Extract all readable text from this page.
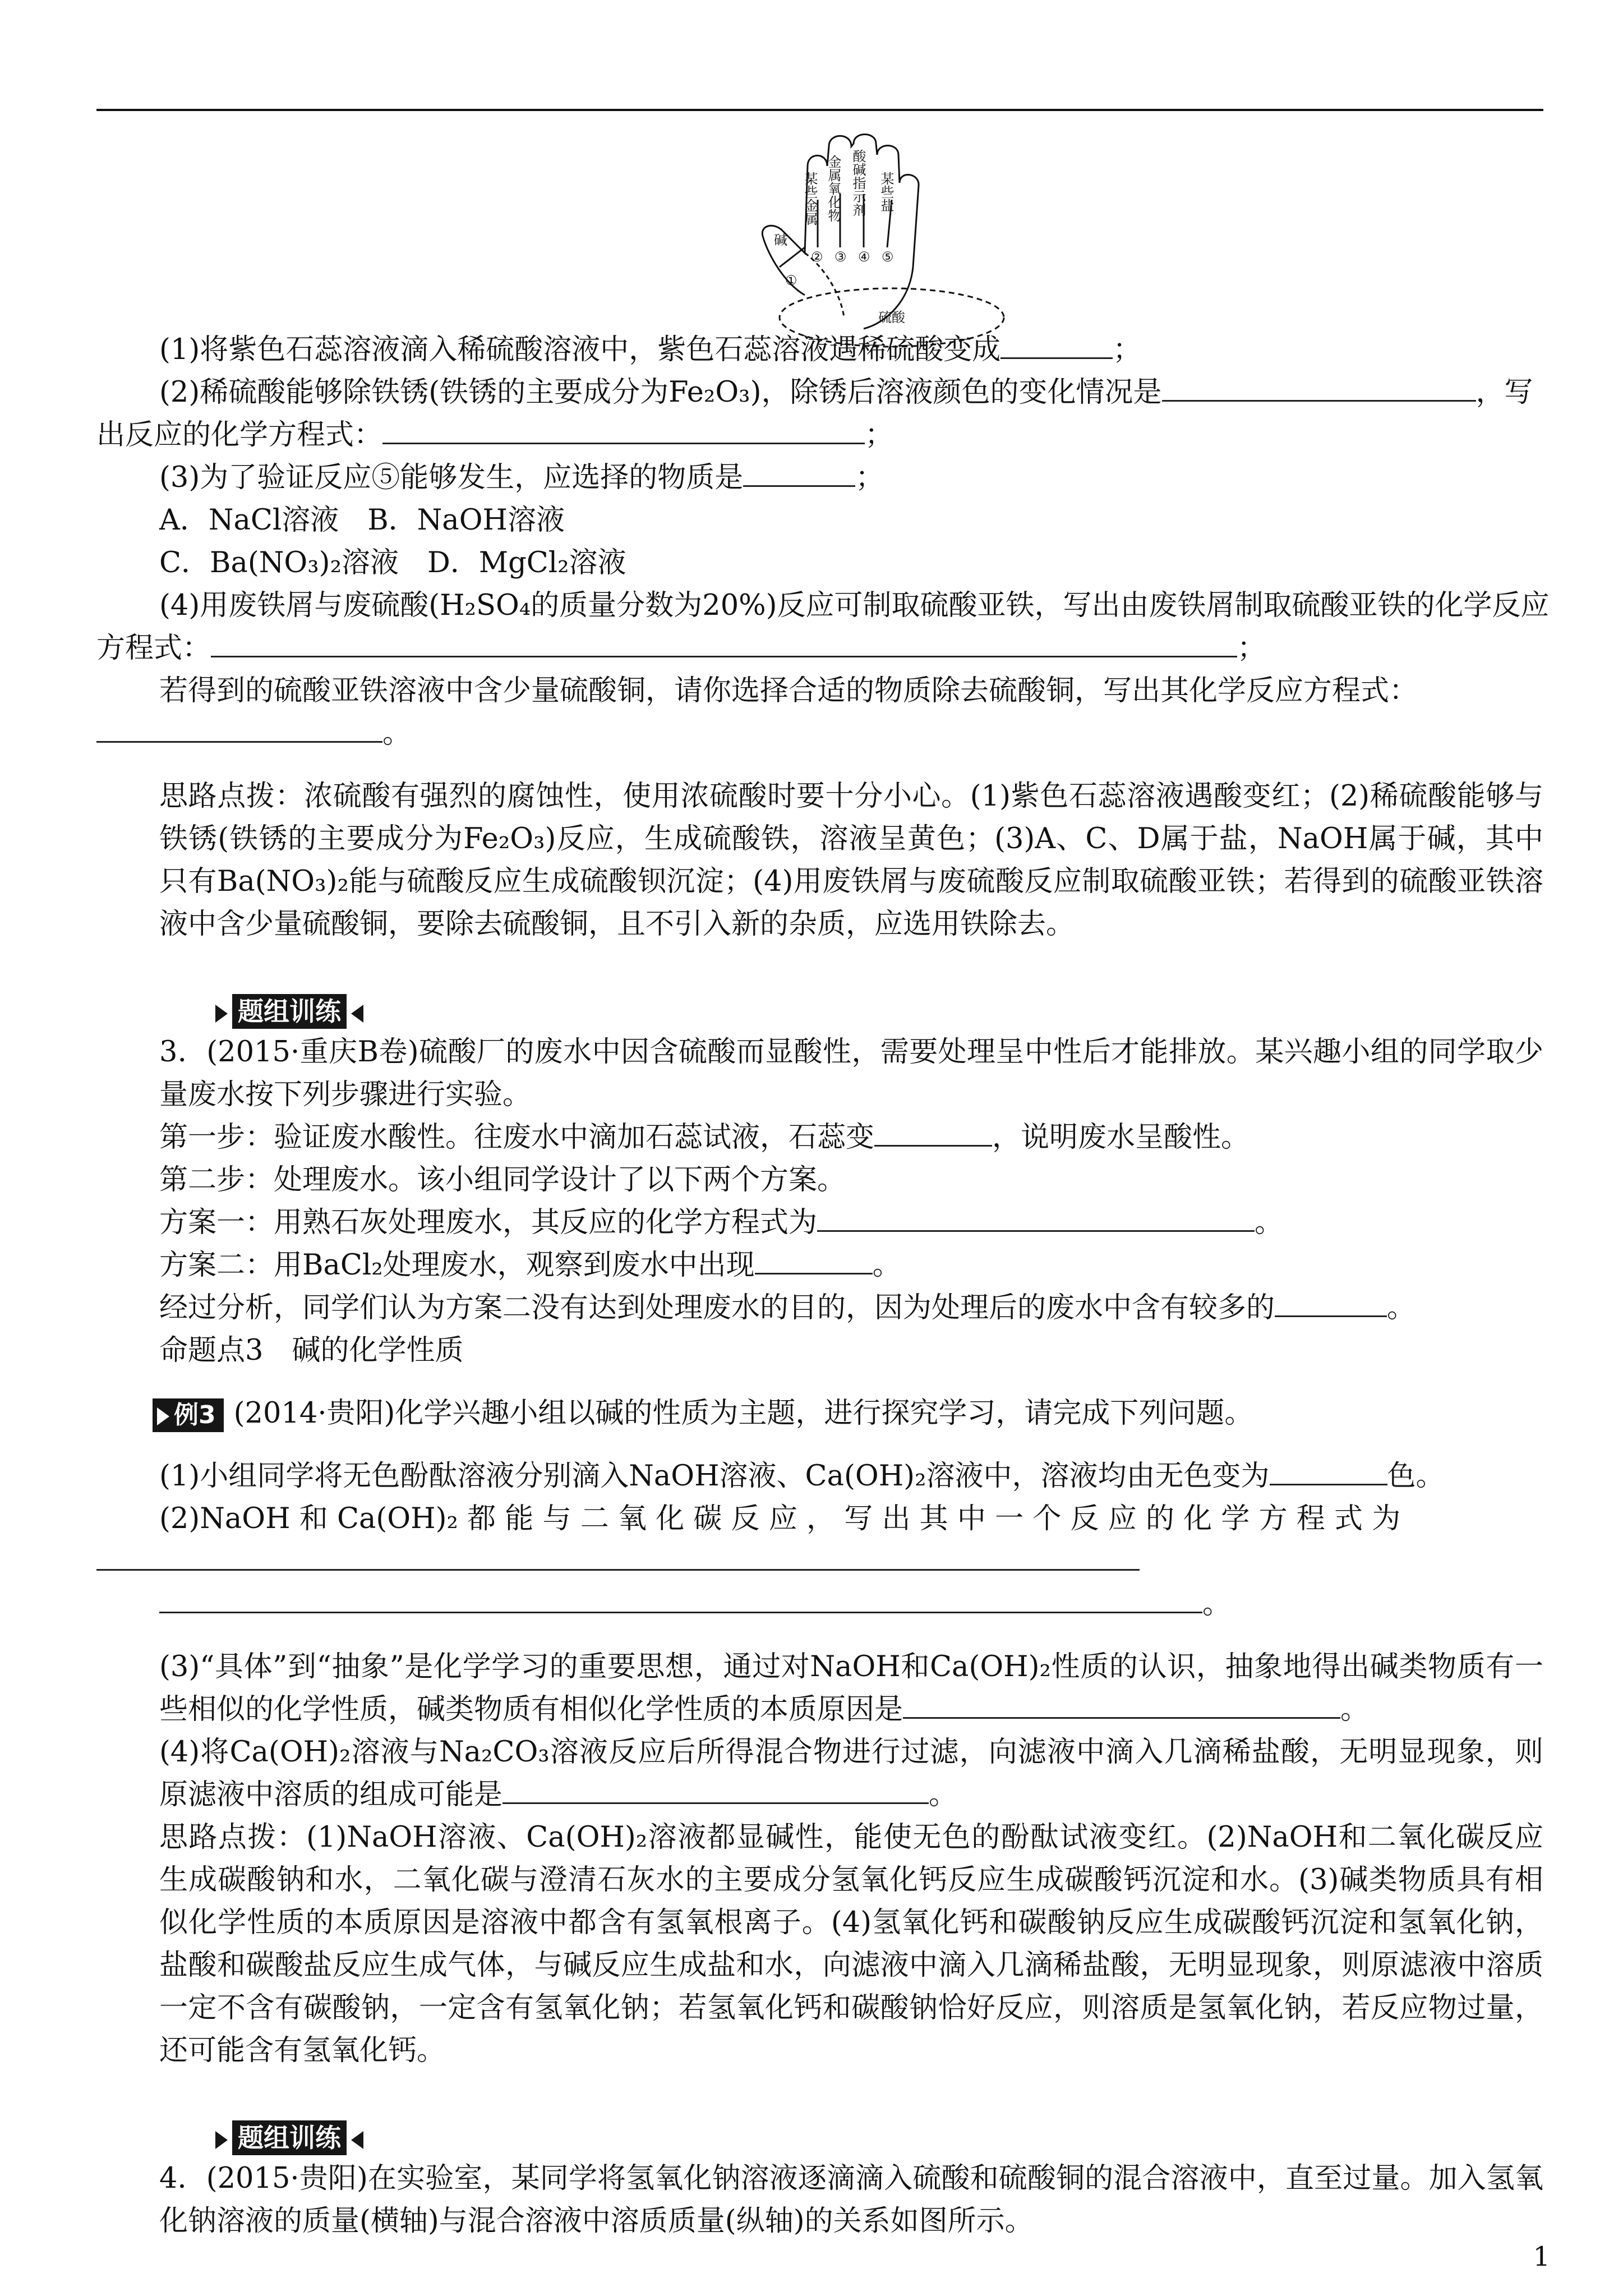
某些金属 金属氧化物 酸碱指示剂 某些盐
碱
硫酸
①
② ③ ④ ⑤

(1)将紫色石蕊溶液滴入稀硫酸溶液中，紫色石蕊溶液遇稀硫酸变成	；

(2)稀硫酸能够除铁锈(铁锈的主要成分为Fe₂O₃)，除锈后溶液颜色的变化情况是	，写

出反应的化学方程式：	；

(3)为了验证反应⑤能够发生，应选择的物质是	；

A．NaCl溶液　B．NaOH溶液

C．Ba(NO₃)₂溶液　D．MgCl₂溶液

(4)用废铁屑与废硫酸(H₂SO₄的质量分数为20%)反应可制取硫酸亚铁，写出由废铁屑制取硫酸亚铁的化学反应

方程式：	；

若得到的硫酸亚铁溶液中含少量硫酸铜，请你选择合适的物质除去硫酸铜，写出其化学反应方程式：

。

思路点拨：浓硫酸有强烈的腐蚀性，使用浓硫酸时要十分小心。(1)紫色石蕊溶液遇酸变红；(2)稀硫酸能够与铁锈(铁锈的主要成分为Fe₂O₃)反应，生成硫酸铁，溶液呈黄色；(3)A、C、D属于盐，NaOH属于碱，其中只有Ba(NO₃)₂能与硫酸反应生成硫酸钡沉淀；(4)用废铁屑与废硫酸反应制取硫酸亚铁；若得到的硫酸亚铁溶液中含少量硫酸铜，要除去硫酸铜，且不引入新的杂质，应选用铁除去。

题组训练

3．(2015·重庆B卷)硫酸厂的废水中因含硫酸而显酸性，需要处理呈中性后才能排放。某兴趣小组的同学取少量废水按下列步骤进行实验。

第一步：验证废水酸性。往废水中滴加石蕊试液，石蕊变	，说明废水呈酸性。

第二步：处理废水。该小组同学设计了以下两个方案。

方案一：用熟石灰处理废水，其反应的化学方程式为	。

方案二：用BaCl₂处理废水，观察到废水中出现	。

经过分析，同学们认为方案二没有达到处理废水的目的，因为处理后的废水中含有较多的	。

命题点3　碱的化学性质

例3 (2014·贵阳)化学兴趣小组以碱的性质为主题，进行探究学习，请完成下列问题。

(1)小组同学将无色酚酞溶液分别滴入NaOH溶液、Ca(OH)₂溶液中，溶液均由无色变为	色。

(2)NaOH 和 Ca(OH)₂ 都 能 与 二 氧 化 碳 反 应 ， 写 出 其 中 一 个 反 应 的 化 学 方 程 式 为

。

(3)“具体”到“抽象”是化学学习的重要思想，通过对NaOH和Ca(OH)₂性质的认识，抽象地得出碱类物质有一些相似的化学性质，碱类物质有相似化学性质的本质原因是	。

(4)将Ca(OH)₂溶液与Na₂CO₃溶液反应后所得混合物进行过滤，向滤液中滴入几滴稀盐酸，无明显现象，则原滤液中溶质的组成可能是	。

思路点拨：(1)NaOH溶液、Ca(OH)₂溶液都显碱性，能使无色的酚酞试液变红。(2)NaOH和二氧化碳反应生成碳酸钠和水，二氧化碳与澄清石灰水的主要成分氢氧化钙反应生成碳酸钙沉淀和水。(3)碱类物质具有相似化学性质的本质原因是溶液中都含有氢氧根离子。(4)氢氧化钙和碳酸钠反应生成碳酸钙沉淀和氢氧化钠，盐酸和碳酸盐反应生成气体，与碱反应生成盐和水，向滤液中滴入几滴稀盐酸，无明显现象，则原滤液中溶质一定不含有碳酸钠，一定含有氢氧化钠；若氢氧化钙和碳酸钠恰好反应，则溶质是氢氧化钠，若反应物过量，还可能含有氢氧化钙。

题组训练

4．(2015·贵阳)在实验室，某同学将氢氧化钠溶液逐滴滴入硫酸和硫酸铜的混合溶液中，直至过量。加入氢氧化钠溶液的质量(横轴)与混合溶液中溶质质量(纵轴)的关系如图所示。

1
